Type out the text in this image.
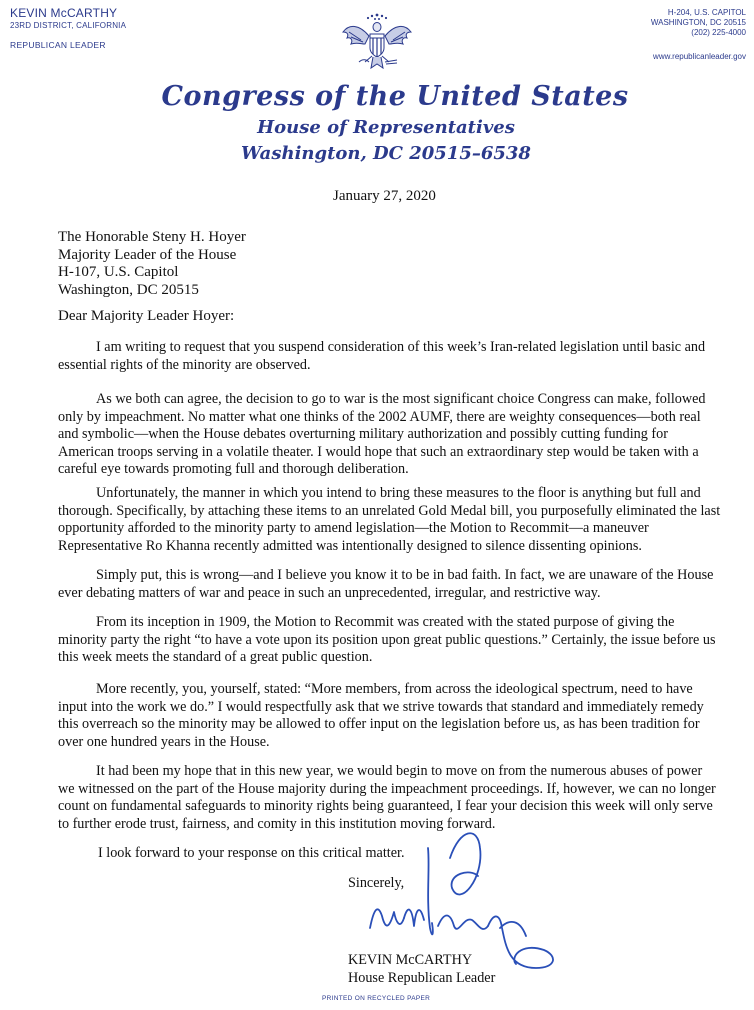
KEVIN McCARTHY
23RD DISTRICT, CALIFORNIA
REPUBLICAN LEADER
H-204, U.S. CAPITOL
WASHINGTON, DC 20515
(202) 225-4000
www.republicanleader.gov
Congress of the United States
House of Representatives
Washington, DC 20515–6538
January 27, 2020
The Honorable Steny H. Hoyer
Majority Leader of the House
H-107, U.S. Capitol
Washington, DC 20515
Dear Majority Leader Hoyer:

I am writing to request that you suspend consideration of this week’s Iran-related legislation until basic and essential rights of the minority are observed.

As we both can agree, the decision to go to war is the most significant choice Congress can make, followed only by impeachment. No matter what one thinks of the 2002 AUMF, there are weighty consequences—both real and symbolic—when the House debates overturning military authorization and possibly cutting funding for American troops serving in a volatile theater. I would hope that such an extraordinary step would be taken with a careful eye towards promoting full and thorough deliberation.

Unfortunately, the manner in which you intend to bring these measures to the floor is anything but full and thorough. Specifically, by attaching these items to an unrelated Gold Medal bill, you purposefully eliminated the last opportunity afforded to the minority party to amend legislation—the Motion to Recommit—a maneuver Representative Ro Khanna recently admitted was intentionally designed to silence dissenting opinions.

Simply put, this is wrong—and I believe you know it to be in bad faith. In fact, we are unaware of the House ever debating matters of war and peace in such an unprecedented, irregular, and restrictive way.

From its inception in 1909, the Motion to Recommit was created with the stated purpose of giving the minority party the right “to have a vote upon its position upon great public questions.” Certainly, the issue before us this week meets the standard of a great public question.

More recently, you, yourself, stated: “More members, from across the ideological spectrum, need to have input into the work we do.” I would respectfully ask that we strive towards that standard and immediately remedy this overreach so the minority may be allowed to offer input on the legislation before us, as has been tradition for over one hundred years in the House.

It had been my hope that in this new year, we would begin to move on from the numerous abuses of power we witnessed on the part of the House majority during the impeachment proceedings. If, however, we can no longer count on fundamental safeguards to minority rights being guaranteed, I fear your decision this week will only serve to further erode trust, fairness, and comity in this institution moving forward.

I look forward to your response on this critical matter.
Sincerely,
KEVIN McCARTHY
House Republican Leader
PRINTED ON RECYCLED PAPER
